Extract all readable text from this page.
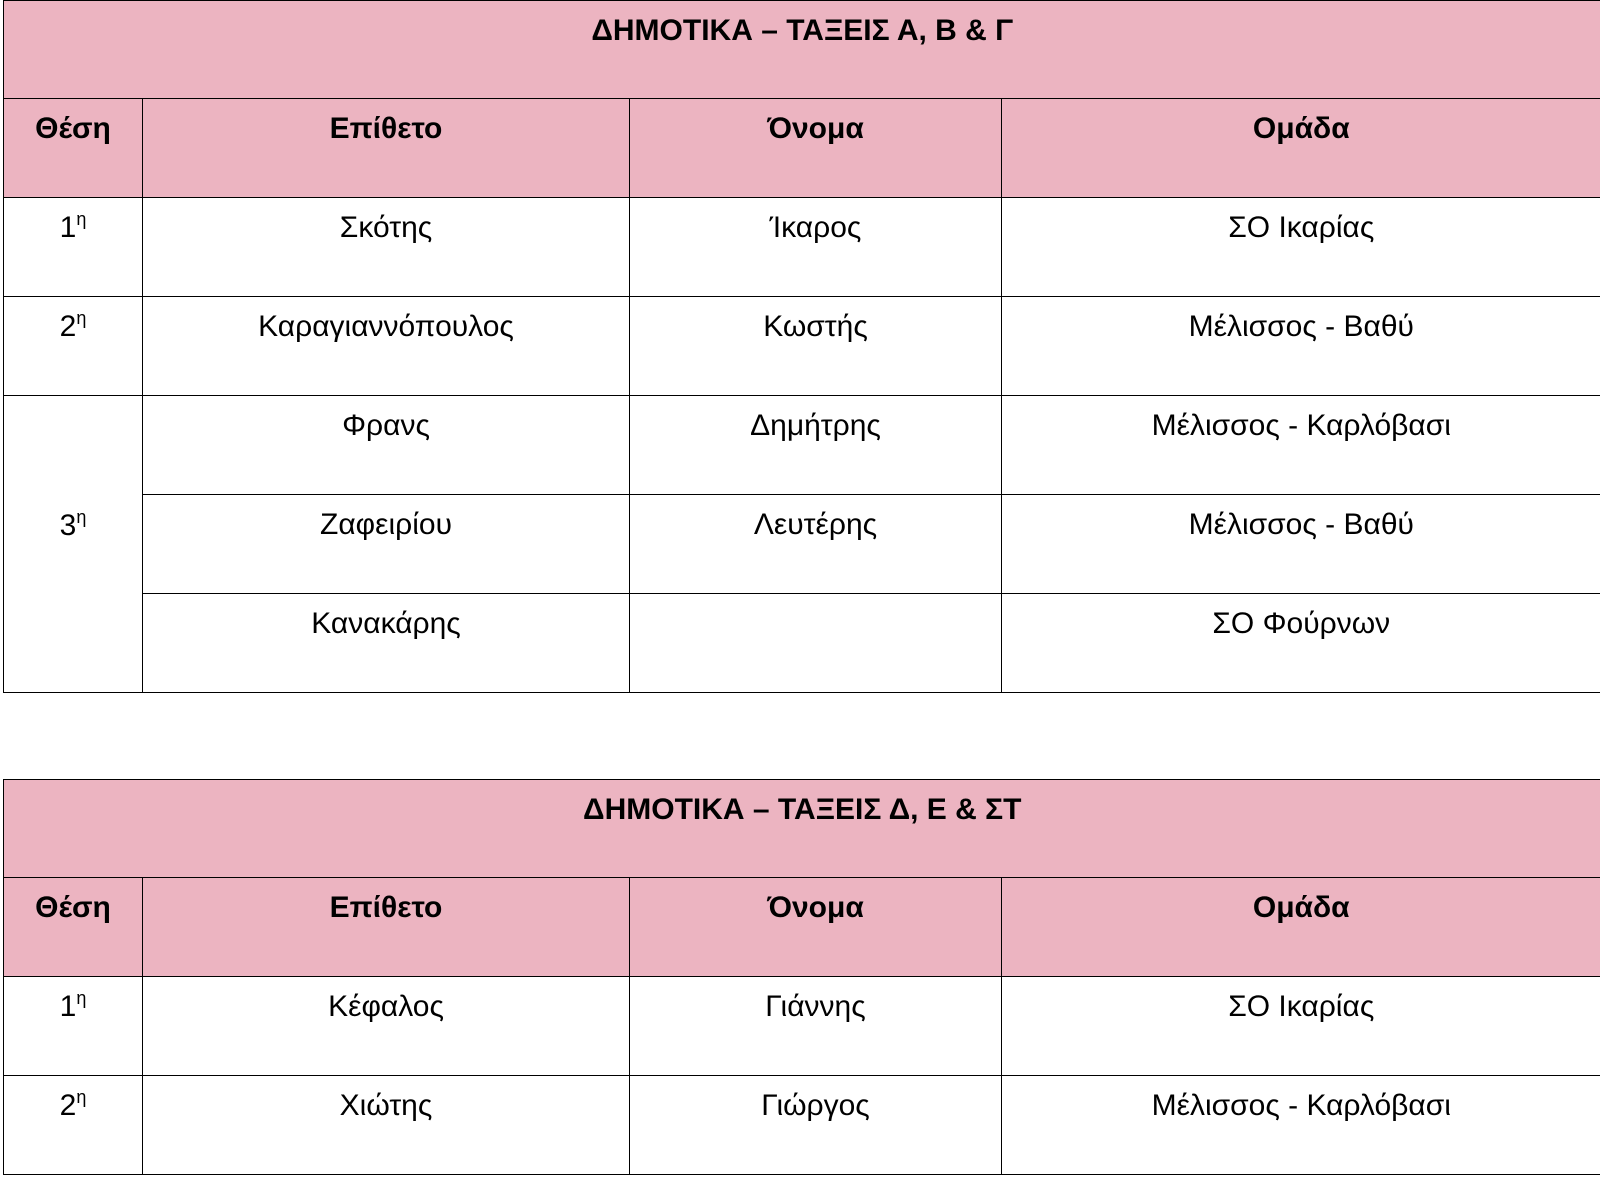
ΔΗΜΟΤΙΚΑ – ΤΑΞΕΙΣ Α, Β & Γ			
Θέση	Επίθετο	Όνομα	Ομάδα
$1^\eta$	Σκότης	Ίκαρος	ΣΟ Ικαρίας
$2^\eta$	Καραγιαννόπουλος	Κωστής	Μέλισσος - Βαθύ
$3^\eta$	Φρανς	Δημήτρης	Μέλισσος - Καρλόβασι
	Ζαφειρίου	Λευτέρης	Μέλισσος - Βαθύ
	Κανακάρης		ΣΟ Φούρνων
ΔΗΜΟΤΙΚΑ – ΤΑΞΕΙΣ Δ, Ε & ΣΤ			
Θέση	Επίθετο	Όνομα	Ομάδα
$1^\eta$	Κέφαλος	Γιάννης	ΣΟ Ικαρίας
$2^\eta$	Χιώτης	Γιώργος	Μέλισσος - Καρλόβασι
